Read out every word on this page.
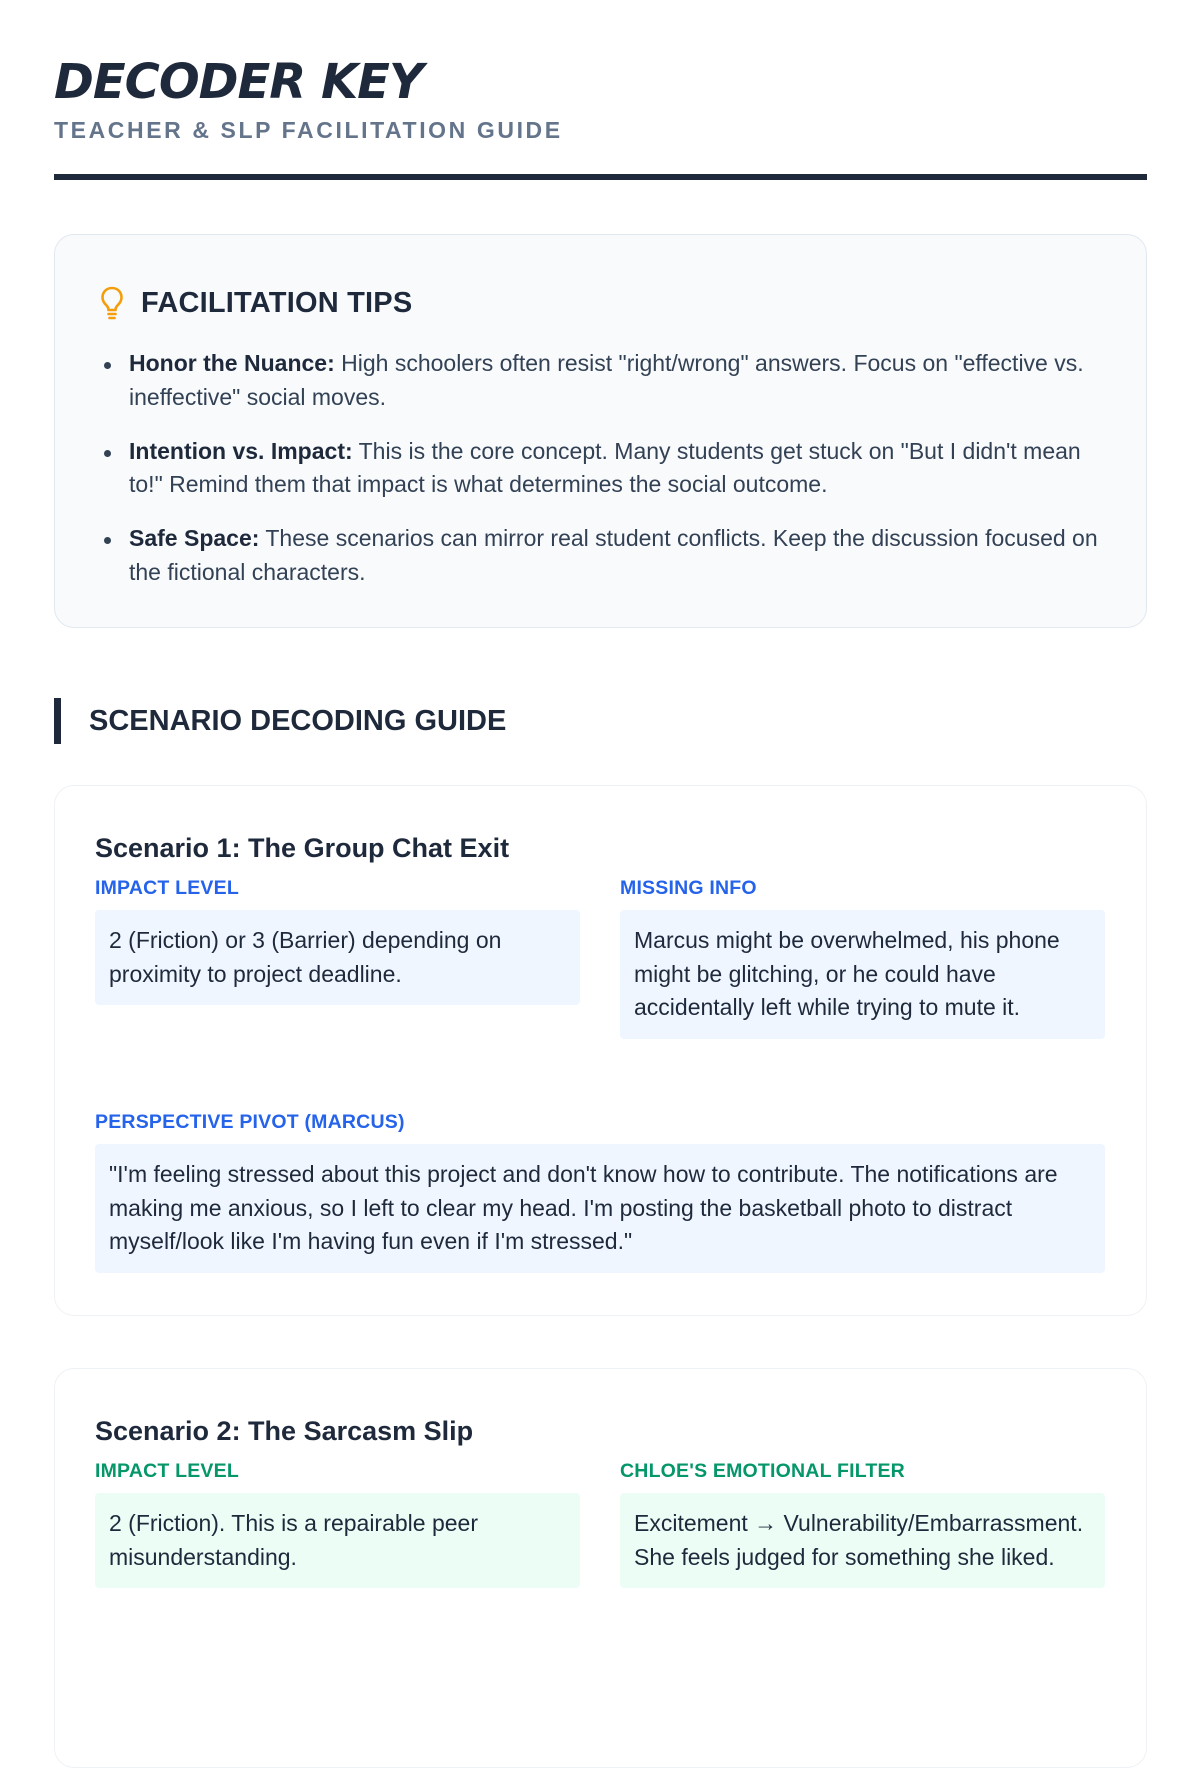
DECODER KEY
TEACHER & SLP FACILITATION GUIDE
FACILITATION TIPS
Honor the Nuance: High schoolers often resist "right/wrong" answers. Focus on "effective vs. ineffective" social moves.
Intention vs. Impact: This is the core concept. Many students get stuck on "But I didn't mean to!" Remind them that impact is what determines the social outcome.
Safe Space: These scenarios can mirror real student conflicts. Keep the discussion focused on the fictional characters.
SCENARIO DECODING GUIDE
Scenario 1: The Group Chat Exit
IMPACT LEVEL
2 (Friction) or 3 (Barrier) depending on proximity to project deadline.
MISSING INFO
Marcus might be overwhelmed, his phone might be glitching, or he could have accidentally left while trying to mute it.
PERSPECTIVE PIVOT (MARCUS)
"I'm feeling stressed about this project and don't know how to contribute. The notifications are making me anxious, so I left to clear my head. I'm posting the basketball photo to distract myself/look like I'm having fun even if I'm stressed."
Scenario 2: The Sarcasm Slip
IMPACT LEVEL
2 (Friction). This is a repairable peer misunderstanding.
CHLOE'S EMOTIONAL FILTER
Excitement → Vulnerability/Embarrassment. She feels judged for something she liked.
